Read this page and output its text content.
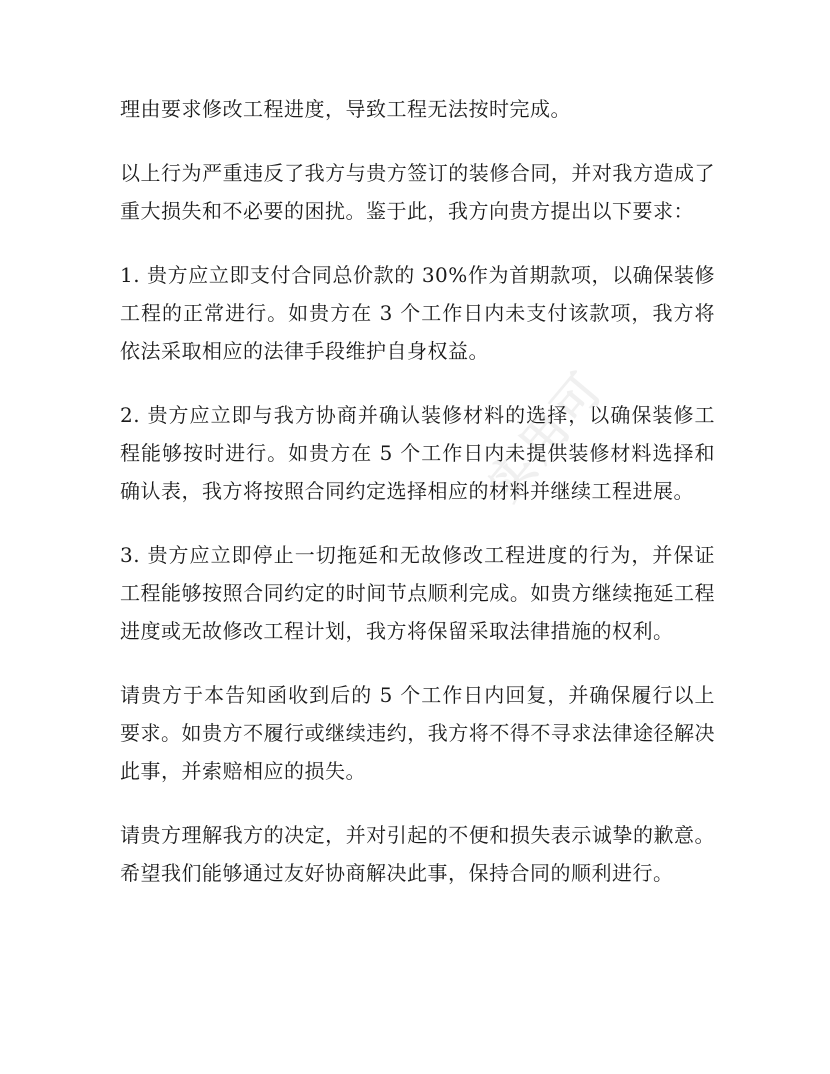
理由要求修改工程进度，导致工程无法按时完成。

以上行为严重违反了我方与贵方签订的装修合同，并对我方造成了重大损失和不必要的困扰。鉴于此，我方向贵方提出以下要求：

1. 贵方应立即支付合同总价款的 30%作为首期款项，以确保装修工程的正常进行。如贵方在 3 个工作日内未支付该款项，我方将依法采取相应的法律手段维护自身权益。

2. 贵方应立即与我方协商并确认装修材料的选择，以确保装修工程能够按时进行。如贵方在 5 个工作日内未提供装修材料选择和确认表，我方将按照合同约定选择相应的材料并继续工程进展。

3. 贵方应立即停止一切拖延和无故修改工程进度的行为，并保证工程能够按照合同约定的时间节点顺利完成。如贵方继续拖延工程进度或无故修改工程计划，我方将保留采取法律措施的权利。

请贵方于本告知函收到后的 5 个工作日内回复，并确保履行以上要求。如贵方不履行或继续违约，我方将不得不寻求法律途径解决此事，并索赔相应的损失。

请贵方理解我方的决定，并对引起的不便和损失表示诚挚的歉意。希望我们能够通过友好协商解决此事，保持合同的顺利进行。

实用可
